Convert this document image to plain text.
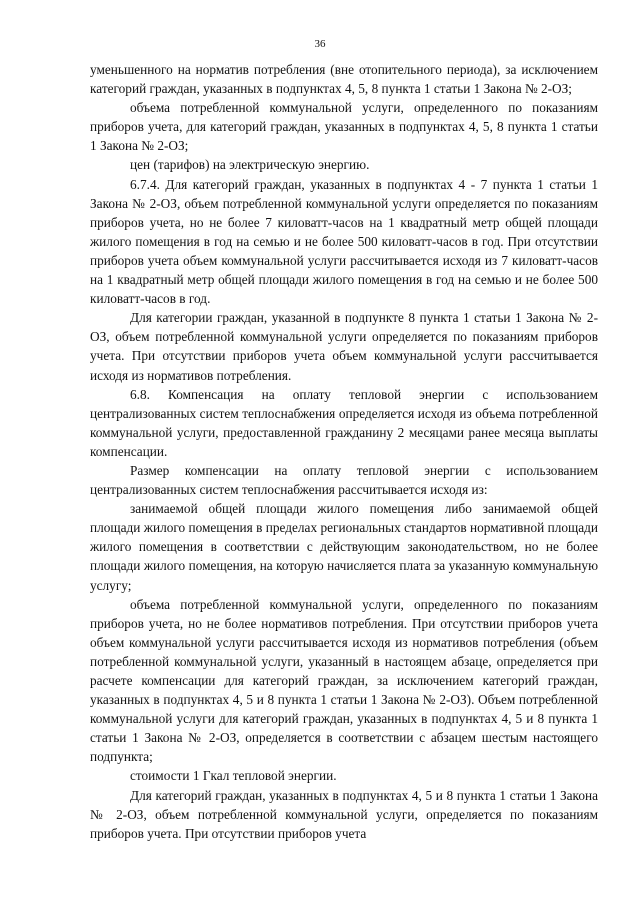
36

уменьшенного на норматив потребления (вне отопительного периода), за исключением категорий граждан, указанных в подпунктах 4, 5, 8 пункта 1 статьи 1 Закона № 2-ОЗ;

объема потребленной коммунальной услуги, определенного по показаниям приборов учета, для категорий граждан, указанных в подпунктах 4, 5, 8 пункта 1 статьи 1 Закона № 2-ОЗ;

цен (тарифов) на электрическую энергию.

6.7.4. Для категорий граждан, указанных в подпунктах 4 - 7 пункта 1 статьи 1 Закона № 2-ОЗ, объем потребленной коммунальной услуги определяется по показаниям приборов учета, но не более 7 киловатт-часов на 1 квадратный метр общей площади жилого помещения в год на семью и не более 500 киловатт-часов в год. При отсутствии приборов учета объем коммунальной услуги рассчитывается исходя из 7 киловатт-часов на 1 квадратный метр общей площади жилого помещения в год на семью и не более 500 киловатт-часов в год.

Для категории граждан, указанной в подпункте 8 пункта 1 статьи 1 Закона № 2-ОЗ, объем потребленной коммунальной услуги определяется по показаниям приборов учета. При отсутствии приборов учета объем коммунальной услуги рассчитывается исходя из нормативов потребления.

6.8. Компенсация на оплату тепловой энергии с использованием централизованных систем теплоснабжения определяется исходя из объема потребленной коммунальной услуги, предоставленной гражданину 2 месяцами ранее месяца выплаты компенсации.

Размер компенсации на оплату тепловой энергии с использованием централизованных систем теплоснабжения рассчитывается исходя из:

занимаемой общей площади жилого помещения либо занимаемой общей площади жилого помещения в пределах региональных стандартов нормативной площади жилого помещения в соответствии с действующим законодательством, но не более площади жилого помещения, на которую начисляется плата за указанную коммунальную услугу;

объема потребленной коммунальной услуги, определенного по показаниям приборов учета, но не более нормативов потребления. При отсутствии приборов учета объем коммунальной услуги рассчитывается исходя из нормативов потребления (объем потребленной коммунальной услуги, указанный в настоящем абзаце, определяется при расчете компенсации для категорий граждан, за исключением категорий граждан, указанных в подпунктах 4, 5 и 8 пункта 1 статьи 1 Закона № 2-ОЗ). Объем потребленной коммунальной услуги для категорий граждан, указанных в подпунктах 4, 5 и 8 пункта 1 статьи 1 Закона № 2-ОЗ, определяется в соответствии с абзацем шестым настоящего подпункта;

стоимости 1 Гкал тепловой энергии.

Для категорий граждан, указанных в подпунктах 4, 5 и 8 пункта 1 статьи 1 Закона № 2-ОЗ, объем потребленной коммунальной услуги, определяется по показаниям приборов учета. При отсутствии приборов учета
